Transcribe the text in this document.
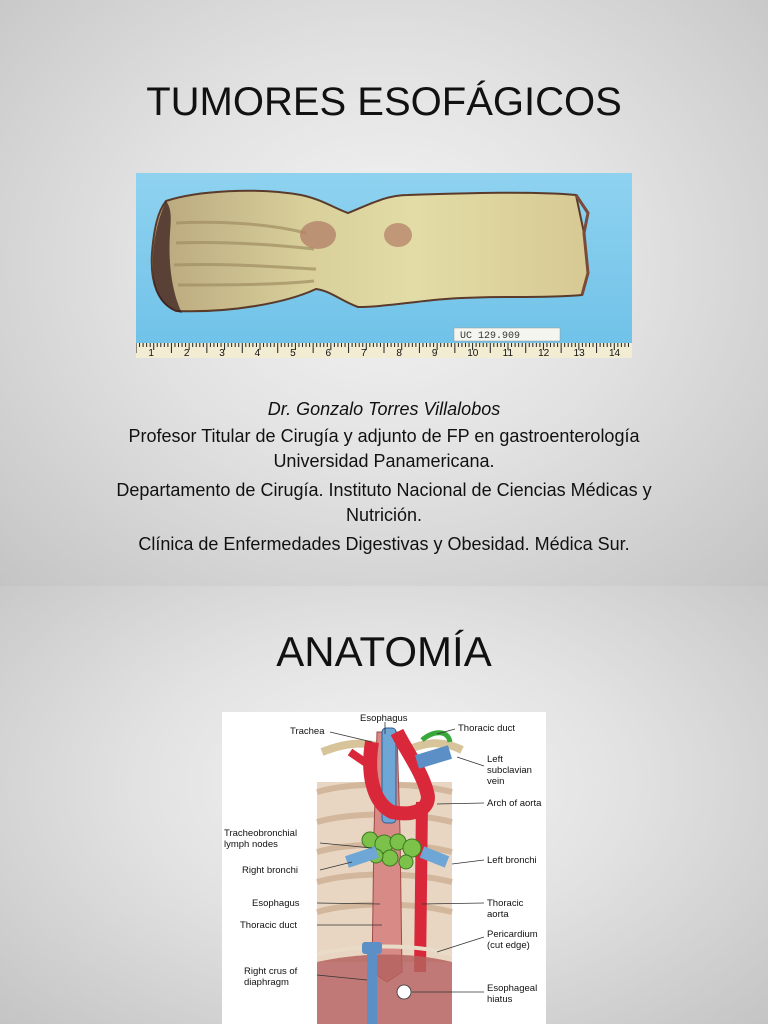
TUMORES ESOFÁGICOS
UC 129.909
1	2	3	4	5	6	7	8	9	10 11	12 13 14

Dr. Gonzalo Torres Villalobos

Profesor Titular de Cirugía y adjunto de FP en gastroenterología

Universidad Panamericana.

Departamento de Cirugía. Instituto Nacional de Ciencias Médicas y

Nutrición.

Clínica de Enfermedades Digestivas y Obesidad. Médica Sur.

ANATOMÍA
Esophagus
Trachea	Thoracic duct
Left
subclavian
vein
Arch of aorta
Tracheobronchial
lymph nodes
Right bronchi
Left bronchi
Esophagus	Thoracic
aorta
Thoracic duct
Pericardium
(cut edge)
Right crus of
diaphragm
Esophageal
hiatus
